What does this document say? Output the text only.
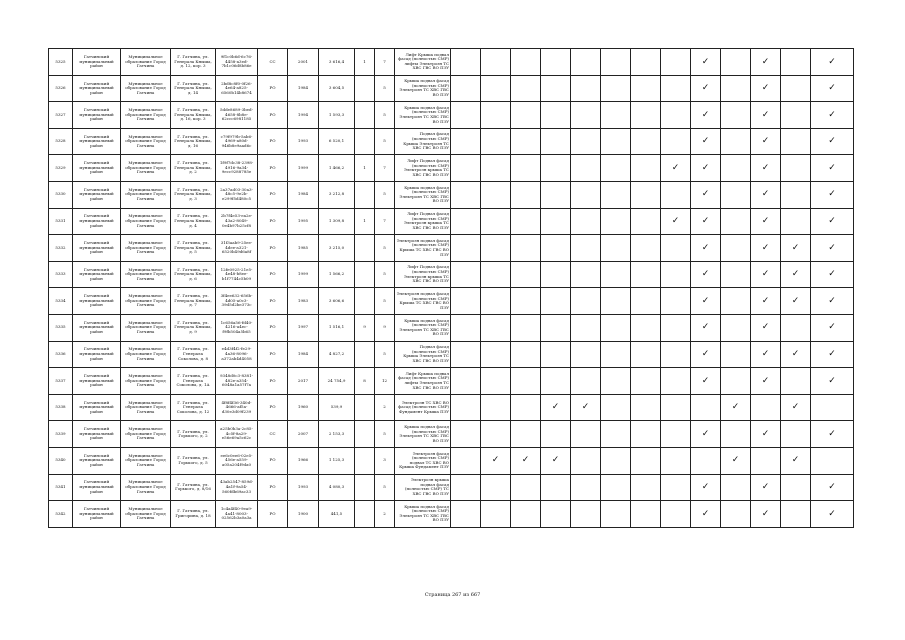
5325	Гатчинский муниципальный район	Муниципальное образование Город Гатчина	Г. Гатчина, ул. Генерала Кныша, д. 12, кор. 3	9f1c0b6d-6c76-4458-a3ed-7b1c06d8b86e	СС	2001	3 616,4	1	7	Лифт Крыша подвал фасад (полностью CMP) лифты Электроэн ТС ХВС ГВС ВО ПЗУ									✓		✓		✓
5326	Гатчинский муниципальный район	Муниципальное образование Город Гатчина	Г. Гатчина, ул. Генерала Кныша, д. 14	2bd8c8f0-0f26-4e64-a825-6560b14b8674	РО	1984	3 604,5		5	Крыша подвал фасад (полностью CMP) Электроэн ТС ХВС ГВС ВО ПЗУ									✓		✓		✓
5327	Гатчинский муниципальный район	Муниципальное образование Город Гатчина	Г. Гатчина, ул. Генерала Кныша, д. 16, кор. 3	5dde8689-3bed-4658-8b8e-62ccc6981185	РО	1994	1 593,3		5	Крыша подвал фасад (полностью CMP) Электроэн ТС ХВС ГВС ВО ПЗУ									✓		✓		✓
5328	Гатчинский муниципальный район	Муниципальное образование Город Гатчина	Г. Гатчина, ул. Генерала Кныша, д. 16	c79f979b-5ab6-4969-a80d-946b8e9aad6c	РО	1993	6 520,1		5	Подвал фасад (полностью CMP) Крыша Электроэн ТС ХВС ГВС ВО ПЗУ									✓		✓		✓
5329	Гатчинский муниципальный район	Муниципальное образование Город Гатчина	Г. Гатчина, ул. Генерала Кныша, д. 2	1f9f7dc38-2398-4916-9a34-9ecc9288785e	РО	1999	1 466,2	1	7	Лифт Подвал фасад (полностью CMP) Электроэн крыша ТС ХВС ГВС ВО ПЗУ								✓	✓		✓		✓
5330	Гатчинский муниципальный район	Муниципальное образование Город Гатчина	Г. Гатчина, ул. Генерала Кныша, д. 3	2a37ad03-30a3-48c5-9e2b-e299f5d480c5	РО	1984	3 212,8		5	Крыша подвал фасад (полностью CMP) Электроэн ТС ХВС ГВС ВО ПЗУ									✓		✓		✓
5331	Гатчинский муниципальный район	Муниципальное образование Город Гатчина	Г. Гатчина, ул. Генерала Кныша, д. 4	2b7f4e53-ea2e-43a2-8049-0e4b97b25cf8	РО	1995	1 309,8	1	7	Лифт Подвал фасад (полностью CMP) Электроэн крыша ТС ХВС ГВС ВО ПЗУ								✓	✓		✓		✓
5332	Гатчинский муниципальный район	Муниципальное образование Город Гатчина	Г. Гатчина, ул. Генерала Кныша, д. 5	31f3aab9-25ee-4dee-a321-6520b49d6a8f	РО	1985	3 215,0		5	Электроэн подвал фасад (полностью CMP) Крыша ТС ХВС ГВС ВО ПЗУ									✓		✓	✓	✓
5333	Гатчинский муниципальный район	Муниципальное образование Город Гатчина	Г. Гатчина, ул. Генерала Кныша, д. 6	12fe0925-21e5-4e48-b8ee-b1f7744c5b09	РО	1999	1 566,2		5	Лифт Подвал фасад (полностью CMP) Электроэн крыша ТС ХВС ГВС ВО ПЗУ									✓		✓	✓	✓
5334	Гатчинский муниципальный район	Муниципальное образование Город Гатчина	Г. Гатчина, ул. Генерала Кныша, д. 7	3f4ee632-656b-4d05-a0c3-39d5d2be373c	РО	1983	3 606,6		5	Электроэн подвал фасад (полностью CMP) Крыша ТС ХВС ГВС ВО ПЗУ									✓		✓	✓	✓
5335	Гатчинский муниципальный район	Муниципальное образование Город Гатчина	Г. Гатчина, ул. Генерала Кныша, д. 9	1c656a56-fd40-4216-a4ec-f9fb504a5b65	РО	1997	1 516,1	9	9	Крыша подвал фасад (полностью CMP) Электроэн ТС ХВС ГВС ВО ПЗУ									✓		✓		✓
5336	Гатчинский муниципальный район	Муниципальное образование Город Гатчина	Г. Гатчина, ул. Генерала Соколова, д. 8	e4d3f4f2-fe29-4a36-8096-a372ab4d4058	РО	1984	4 827,2		5	Подвал фасад (полностью CMP) Крыша Электроэн ТС ХВС ГВС ВО ПЗУ									✓		✓	✓	✓
5337	Гатчинский муниципальный район	Муниципальное образование Город Гатчина	Г. Гатчина, ул. Генерала Соколова, д. 1А	9348d0c3-8381-482e-a354-6048a1a57f7a	РО	2017	24 754,9	8	12	Лифт Крыша подвал фасад (полностью CMP) лифты Электроэн ТС ХВС ГВС ВО ПЗУ									✓		✓		✓
5338	Гатчинский муниципальный район	Муниципальное образование Город Гатчина	Г. Гатчина, ул. Генерала Соколова, д. 12	4f8f4f36-340d-4666-af5a-d30e3d09f239	РО	1960	539,9		2	Электроэн ТС ХВС ВО фасад (полностью CMP) Фундамент Крыша ПЗУ				✓	✓					✓		✓	
5339	Гатчинский муниципальный район	Муниципальное образование Город Гатчина	Г. Гатчина, ул. Горького, д. 2	a25b0b3a-2c85-4c5f-8a29-e56e69a5c62c	СС	2007	2 153,3		5	Крыша подвал фасад (полностью CMP) Электроэн ТС ХВС ГВС ВО ПЗУ									✓		✓		✓
5340	Гатчинский муниципальный район	Муниципальное образование Город Гатчина	Г. Гатчина, ул. Горького, д. 5	ee6c0ee6-02e5-456e-a559-a05a204f9da0	РО	1966	1 125,3		3	Электроэн фасад (полностью CMP) подвал ТС ХВС ВО Крыша Фундамент ПЗУ		✓	✓	✓						✓		✓	
5341	Гатчинский муниципальный район	Муниципальное образование Город Гатчина	Г. Гатчина, ул. Горького, д. 8/16	43ab2547-859d-4a1f-9a54-560fdb69ac33	РО	1993	4 080,3		5	Электроэн крыша подвал фасад (полностью CMP) ТС ХВС ГВС ВО ПЗУ									✓		✓		✓
5342	Гатчинский муниципальный район	Муниципальное образование Город Гатчина	Г. Гатчина, ул. Григорина, д. 18	1c4a4f40-9ea9-4a41-8003-02562b3a0a3a	РО	1900	441,5		2	Крыша подвал фасад (полностью CMP) Электроэн ТС ХВС ГВС ВО ПЗУ									✓		✓		✓
Страница 267 из 667
